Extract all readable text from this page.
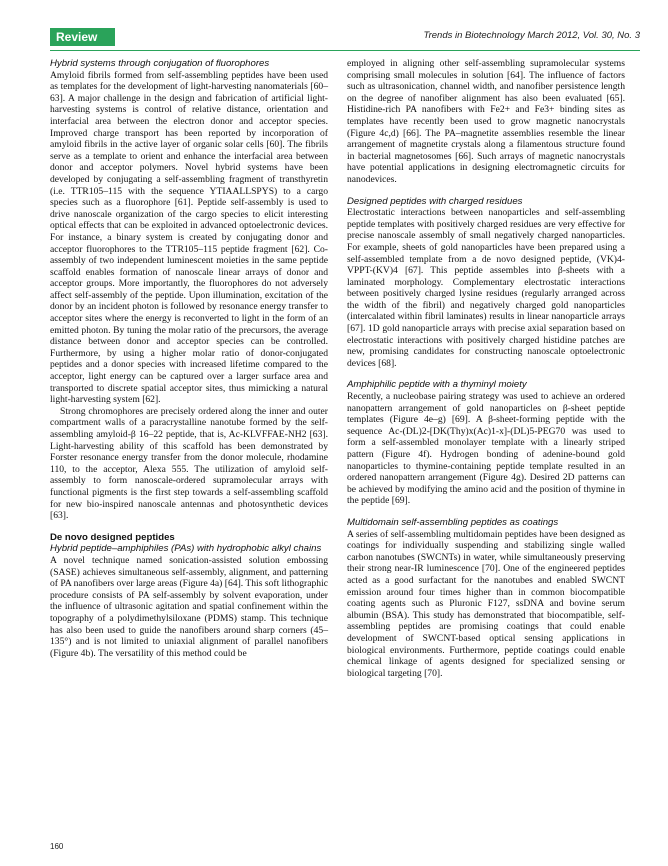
Review	Trends in Biotechnology March 2012, Vol. 30, No. 3

Hybrid systems through conjugation of fluorophores

Amyloid fibrils formed from self-assembling peptides have been used as templates for the development of light-harvesting nanomaterials [60–63]. A major challenge in the design and fabrication of artificial light-harvesting systems is control of relative distance, orientation and interfacial area between the electron donor and acceptor species. Improved charge transport has been reported by incorporation of amyloid fibrils in the active layer of organic solar cells [60]. The fibrils serve as a template to orient and enhance the interfacial area between donor and acceptor polymers. Novel hybrid systems have been developed by conjugating a self-assembling fragment of transthyretin (i.e. TTR105–115 with the sequence YTIAALLSPYS) to a cargo species such as a fluorophore [61]. Peptide self-assembly is used to drive nanoscale organization of the cargo species to elicit interesting optical effects that can be exploited in advanced optoelectronic devices. For instance, a binary system is created by conjugating donor and acceptor fluorophores to the TTR105–115 peptide fragment [62]. Co-assembly of two independent luminescent moieties in the same peptide scaffold enables formation of nanoscale linear arrays of donor and acceptor groups. More importantly, the fluorophores do not adversely affect self-assembly of the peptide. Upon illumination, excitation of the donor by an incident photon is followed by resonance energy transfer to acceptor sites where the energy is reconverted to light in the form of an emitted photon. By tuning the molar ratio of the precursors, the average distance between donor and acceptor species can be controlled. Furthermore, by using a higher molar ratio of donor-conjugated peptides and a donor species with increased lifetime compared to the acceptor, light energy can be captured over a larger surface area and transported to discrete spatial acceptor sites, thus mimicking a natural light-harvesting system [62].

Strong chromophores are precisely ordered along the inner and outer compartment walls of a paracrystalline nanotube formed by the self-assembling amyloid-β 16–22 peptide, that is, Ac-KLVFFAE-NH2 [63]. Light-harvesting ability of this scaffold has been demonstrated by Forster resonance energy transfer from the donor molecule, rhodamine 110, to the acceptor, Alexa 555. The utilization of amyloid self-assembly to form nanoscale-ordered supramolecular arrays with functional pigments is the first step towards a self-assembling scaffold for new bio-inspired nanoscale antennas and photosynthetic devices [63].

De novo designed peptides

Hybrid peptide–amphiphiles (PAs) with hydrophobic alkyl chains

A novel technique named sonication-assisted solution embossing (SASE) achieves simultaneous self-assembly, alignment, and patterning of PA nanofibers over large areas (Figure 4a) [64]. This soft lithographic procedure consists of PA self-assembly by solvent evaporation, under the influence of ultrasonic agitation and spatial confinement within the topography of a polydimethylsiloxane (PDMS) stamp. This technique has also been used to guide the nanofibers around sharp corners (45–135°) and is not limited to uniaxial alignment of parallel nanofibers (Figure 4b). The versatility of this method could be

employed in aligning other self-assembling supramolecular systems comprising small molecules in solution [64]. The influence of factors such as ultrasonication, channel width, and nanofiber persistence length on the degree of nanofiber alignment has also been evaluated [65]. Histidine-rich PA nanofibers with Fe2+ and Fe3+ binding sites as templates have recently been used to grow magnetic nanocrystals (Figure 4c,d) [66]. The PA–magnetite assemblies resemble the linear arrangement of magnetite crystals along a filamentous structure found in bacterial magnetosomes [66]. Such arrays of magnetic nanocrystals have potential applications in designing electromagnetic circuits for nanodevices.

Designed peptides with charged residues

Electrostatic interactions between nanoparticles and self-assembling peptide templates with positively charged residues are very effective for precise nanoscale assembly of small negatively charged nanoparticles. For example, sheets of gold nanoparticles have been prepared using a self-assembled template from a de novo designed peptide, (VK)4-VPPT-(KV)4 [67]. This peptide assembles into β-sheets with a laminated morphology. Complementary electrostatic interactions between positively charged lysine residues (regularly arranged across the width of the fibril) and negatively charged gold nanoparticles (intercalated within fibril laminates) results in linear nanoparticle arrays [67]. 1D gold nanoparticle arrays with precise axial separation based on electrostatic interactions with positively charged histidine patches are new, promising candidates for constructing nanoscale optoelectronic devices [68].

Amphiphilic peptide with a thyminyl moiety

Recently, a nucleobase pairing strategy was used to achieve an ordered nanopattern arrangement of gold nanoparticles on β-sheet peptide templates (Figure 4e–g) [69]. A β-sheet-forming peptide with the sequence Ac-(DL)2-[DK(Thy)x(Ac)1-x]-(DL)5-PEG70 was used to form a self-assembled monolayer template with a linearly striped pattern (Figure 4f). Hydrogen bonding of adenine-bound gold nanoparticles to thymine-containing peptide template resulted in an ordered nanopattern arrangement (Figure 4g). Desired 2D patterns can be achieved by modifying the amino acid and the position of thymine in the peptide [69].

Multidomain self-assembling peptides as coatings

A series of self-assembling multidomain peptides have been designed as coatings for individually suspending and stabilizing single walled carbon nanotubes (SWCNTs) in water, while simultaneously preserving their strong near-IR luminescence [70]. One of the engineered peptides acted as a good surfactant for the nanotubes and enabled SWCNT emission around four times higher than in common biocompatible coating agents such as Pluronic F127, ssDNA and bovine serum albumin (BSA). This study has demonstrated that biocompatible, self-assembling peptides are promising coatings that could enable development of SWCNT-based optical sensing applications in biological environments. Furthermore, peptide coatings could enable chemical linkage of agents designed for specialized sensing or biological targeting [70].

160
